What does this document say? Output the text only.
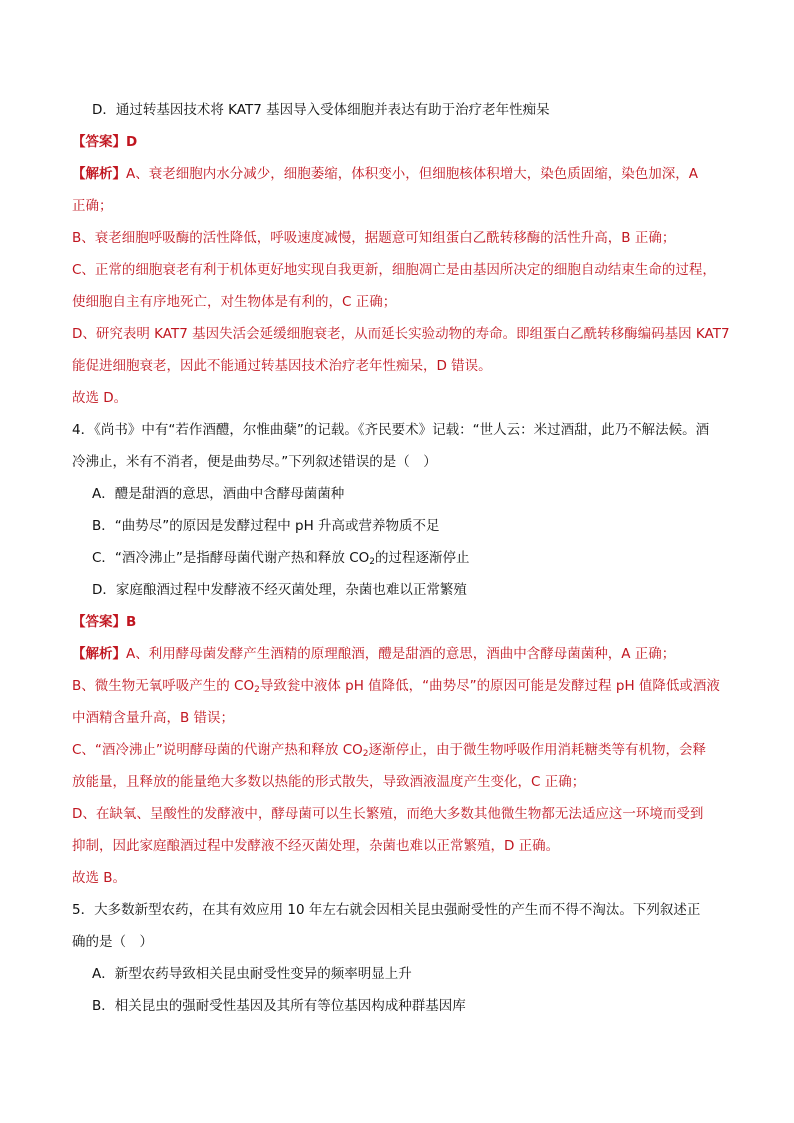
D．通过转基因技术将 KAT7 基因导入受体细胞并表达有助于治疗老年性痴呆
【答案】D
【解析】A、衰老细胞内水分减少，细胞萎缩，体积变小，但细胞核体积增大，染色质固缩，染色加深，A
正确；
B、衰老细胞呼吸酶的活性降低，呼吸速度减慢，据题意可知组蛋白乙酰转移酶的活性升高，B 正确；
C、正常的细胞衰老有利于机体更好地实现自我更新，细胞凋亡是由基因所决定的细胞自动结束生命的过程，
使细胞自主有序地死亡，对生物体是有利的，C 正确；
D、研究表明 KAT7 基因失活会延缓细胞衰老，从而延长实验动物的寿命。即组蛋白乙酰转移酶编码基因 KAT7
能促进细胞衰老，因此不能通过转基因技术治疗老年性痴呆，D 错误。
故选 D。
4．《尚书》中有“若作酒醴，尔惟曲蘖”的记载。《齐民要术》记载：“世人云：米过酒甜，此乃不解法候。酒
冷沸止，米有不消者，便是曲势尽。”下列叙述错误的是（　）
A．醴是甜酒的意思，酒曲中含酵母菌菌种
B．“曲势尽”的原因是发酵过程中 pH 升高或营养物质不足
C．“酒冷沸止”是指酵母菌代谢产热和释放 $CO_2$的过程逐渐停止
D．家庭酿酒过程中发酵液不经灭菌处理，杂菌也难以正常繁殖
【答案】B
【解析】A、利用酵母菌发酵产生酒精的原理酿酒，醴是甜酒的意思，酒曲中含酵母菌菌种，A 正确；
B、微生物无氧呼吸产生的 $CO_2$导致瓮中液体 pH 值降低，“曲势尽”的原因可能是发酵过程 pH 值降低或酒液
中酒精含量升高，B 错误；
C、“酒冷沸止”说明酵母菌的代谢产热和释放 $CO_2$逐渐停止，由于微生物呼吸作用消耗糖类等有机物，会释
放能量，且释放的能量绝大多数以热能的形式散失，导致酒液温度产生变化，C 正确；
D、在缺氧、呈酸性的发酵液中，酵母菌可以生长繁殖，而绝大多数其他微生物都无法适应这一环境而受到
抑制，因此家庭酿酒过程中发酵液不经灭菌处理，杂菌也难以正常繁殖，D 正确。
故选 B。
5．大多数新型农药，在其有效应用 10 年左右就会因相关昆虫强耐受性的产生而不得不淘汰。下列叙述正
确的是（　）
A．新型农药导致相关昆虫耐受性变异的频率明显上升
B．相关昆虫的强耐受性基因及其所有等位基因构成种群基因库
